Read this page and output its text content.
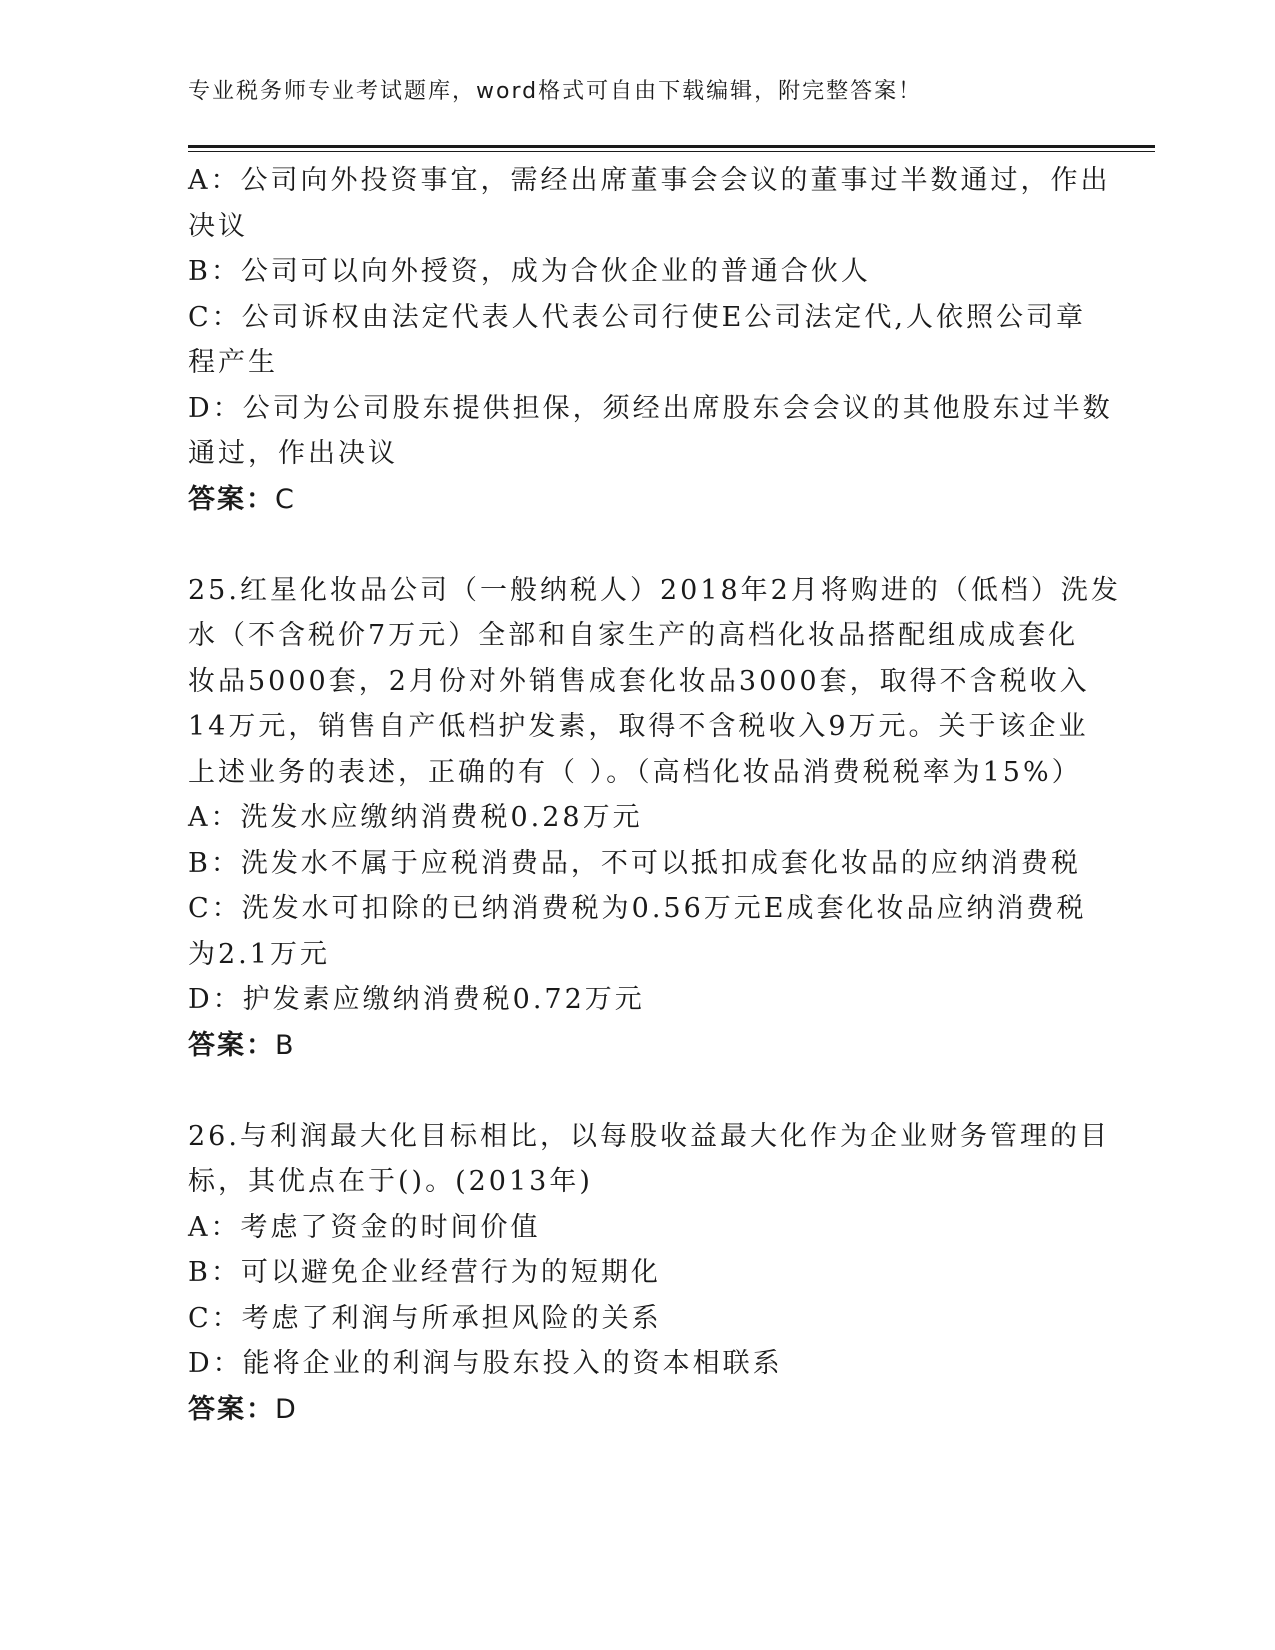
专业税务师专业考试题库，word格式可自由下载编辑，附完整答案！
A：公司向外投资事宜，需经出席董事会会议的董事过半数通过，作出
决议
B：公司可以向外授资，成为合伙企业的普通合伙人
C：公司诉权由法定代表人代表公司行使E公司法定代,人依照公司章
程产生
D：公司为公司股东提供担保，须经出席股东会会议的其他股东过半数
通过，作出决议
答案：C
25.红星化妆品公司（一般纳税人）2018年2月将购进的（低档）洗发
水（不含税价7万元）全部和自家生产的高档化妆品搭配组成成套化
妆品5000套，2月份对外销售成套化妆品3000套，取得不含税收入
14万元，销售自产低档护发素，取得不含税收入9万元。关于该企业
上述业务的表述，正确的有（ ）。（高档化妆品消费税税率为15%）
A：洗发水应缴纳消费税0.28万元
B：洗发水不属于应税消费品，不可以抵扣成套化妆品的应纳消费税
C：洗发水可扣除的已纳消费税为0.56万元E成套化妆品应纳消费税
为2.1万元
D：护发素应缴纳消费税0.72万元
答案：B
26.与利润最大化目标相比，以每股收益最大化作为企业财务管理的目
标，其优点在于()。(2013年)
A：考虑了资金的时间价值
B：可以避免企业经营行为的短期化
C：考虑了利润与所承担风险的关系
D：能将企业的利润与股东投入的资本相联系
答案：D
